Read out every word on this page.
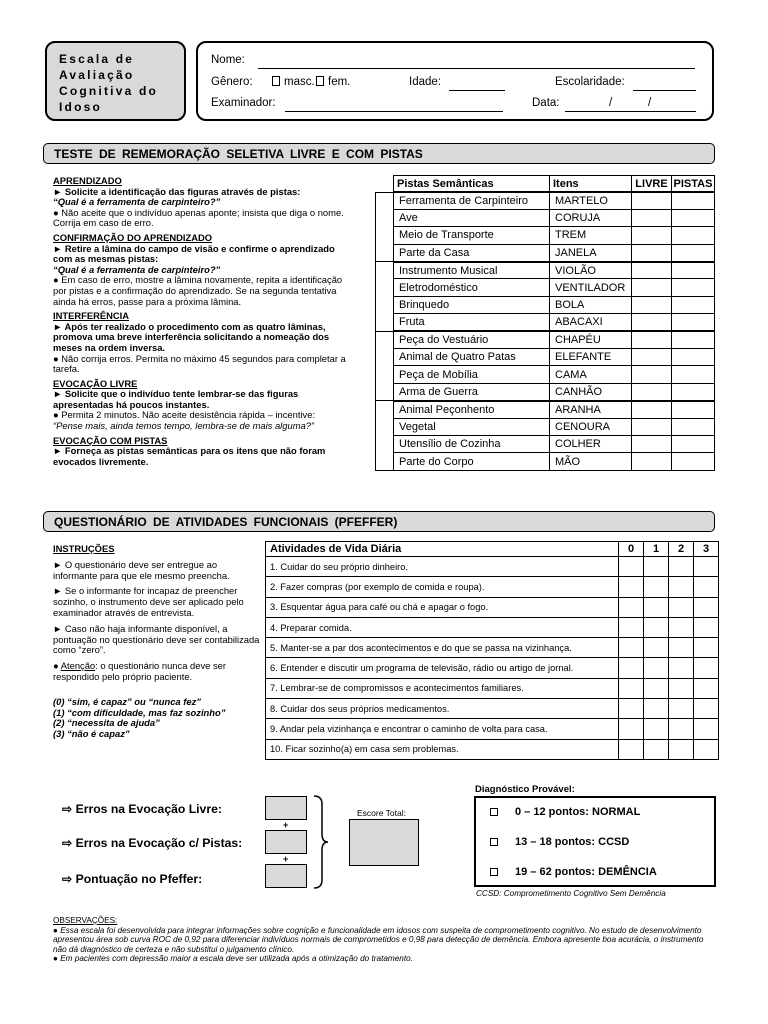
Escala de
Avaliação
Cognitiva do
Idoso
Nome:
Gênero:	masc.	fem.	Idade:	Escolaridade:
Examinador:	Data:	/	/
TESTE DE REMEMORAÇÃO SELETIVA LIVRE E COM PISTAS

APRENDIZADO

► Solicite a identificação das figuras através de pistas:

“Qual é a ferramenta de carpinteiro?”

● Não aceite que o indivíduo apenas aponte; insista que diga o nome. Corrija em caso de erro.

CONFIRMAÇÃO DO APRENDIZADO

► Retire a lâmina do campo de visão e confirme o aprendizado com as mesmas pistas:

“Qual é a ferramenta de carpinteiro?”

● Em caso de erro, mostre a lâmina novamente, repita a identificação por pistas e a confirmação do aprendizado. Se na segunda tentativa ainda há erros, passe para a próxima lâmina.

INTERFERÊNCIA

► Após ter realizado o procedimento com as quatro lâminas, promova uma breve interferência solicitando a nomeação dos meses na ordem inversa.

● Não corrija erros. Permita no máximo 45 segundos para completar a tarefa.

EVOCAÇÃO LIVRE

► Solicite que o indivíduo tente lembrar-se das figuras apresentadas há poucos instantes.

● Permita 2 minutos. Não aceite desistência rápida – incentive:

“Pense mais, ainda temos tempo, lembra-se de mais alguma?”

EVOCAÇÃO COM PISTAS

► Forneça as pistas semânticas para os itens que não foram evocados livremente.

	Pistas Semânticas	Itens	LIVRE	PISTAS

	Ferramenta de Carpinteiro	MARTELO		
	Ave	CORUJA		
	Meio de Transporte	TREM		
	Parte da Casa	JANELA		

	Instrumento Musical	VIOLÃO		
	Eletrodoméstico	VENTILADOR		
	Brinquedo	BOLA		
	Fruta	ABACAXI		

	Peça do Vestuário	CHAPÉU		
	Animal de Quatro Patas	ELEFANTE		
	Peça de Mobília	CAMA		
	Arma de Guerra	CANHÃO		

	Animal Peçonhento	ARANHA		
	Vegetal	CENOURA		
	Utensílio de Cozinha	COLHER		
	Parte do Corpo	MÃO		
QUESTIONÁRIO DE ATIVIDADES FUNCIONAIS (PFEFFER)

INSTRUÇÕES

► O questionário deve ser entregue ao informante para que ele mesmo preencha.

► Se o informante for incapaz de preencher sozinho, o instrumento deve ser aplicado pelo examinador através de entrevista.

► Caso não haja informante disponível, a pontuação no questionário deve ser contabilizada como “zero”.

● Atenção: o questionário nunca deve ser respondido pelo próprio paciente.

(0) “sim, é capaz” ou “nunca fez”

(1) “com dificuldade, mas faz sozinho”

(2) “necessita de ajuda”

(3) “não é capaz”

Atividades de Vida Diária	0	1	2	3
1. Cuidar do seu próprio dinheiro.				
2. Fazer compras (por exemplo de comida e roupa).				
3. Esquentar água para café ou chá e apagar o fogo.				
4. Preparar comida.				
5. Manter-se a par dos acontecimentos e do que se passa na vizinhança.				
6. Entender e discutir um programa de televisão, rádio ou artigo de jornal.				
7. Lembrar-se de compromissos e acontecimentos familiares.				
8. Cuidar dos seus próprios medicamentos.				
9. Andar pela vizinhança e encontrar o caminho de volta para casa.				
10. Ficar sozinho(a) em casa sem problemas.				
⇨ Erros na Evocação Livre:
⇨ Erros na Evocação c/ Pistas:
⇨ Pontuação no Pfeffer:
+
+
Escore Total:
Diagnóstico Provável:
0 – 12 pontos: NORMAL
13 – 18 pontos: CCSD
19 – 62 pontos: DEMÊNCIA
CCSD: Comprometimento Cognitivo Sem Demência

OBSERVAÇÕES:

● Essa escala foi desenvolvida para integrar informações sobre cognição e funcionalidade em idosos com suspeita de comprometimento cognitivo. No estudo de desenvolvimento apresentou área sob curva ROC de 0,92 para diferenciar indivíduos normais de comprometidos e 0,98 para detecção de demência. Embora apresente boa acurácia, o instrumento não dá diagnóstico de certeza e não substitui o julgamento clínico.

● Em pacientes com depressão maior a escala deve ser utilizada após a otimização do tratamento.
